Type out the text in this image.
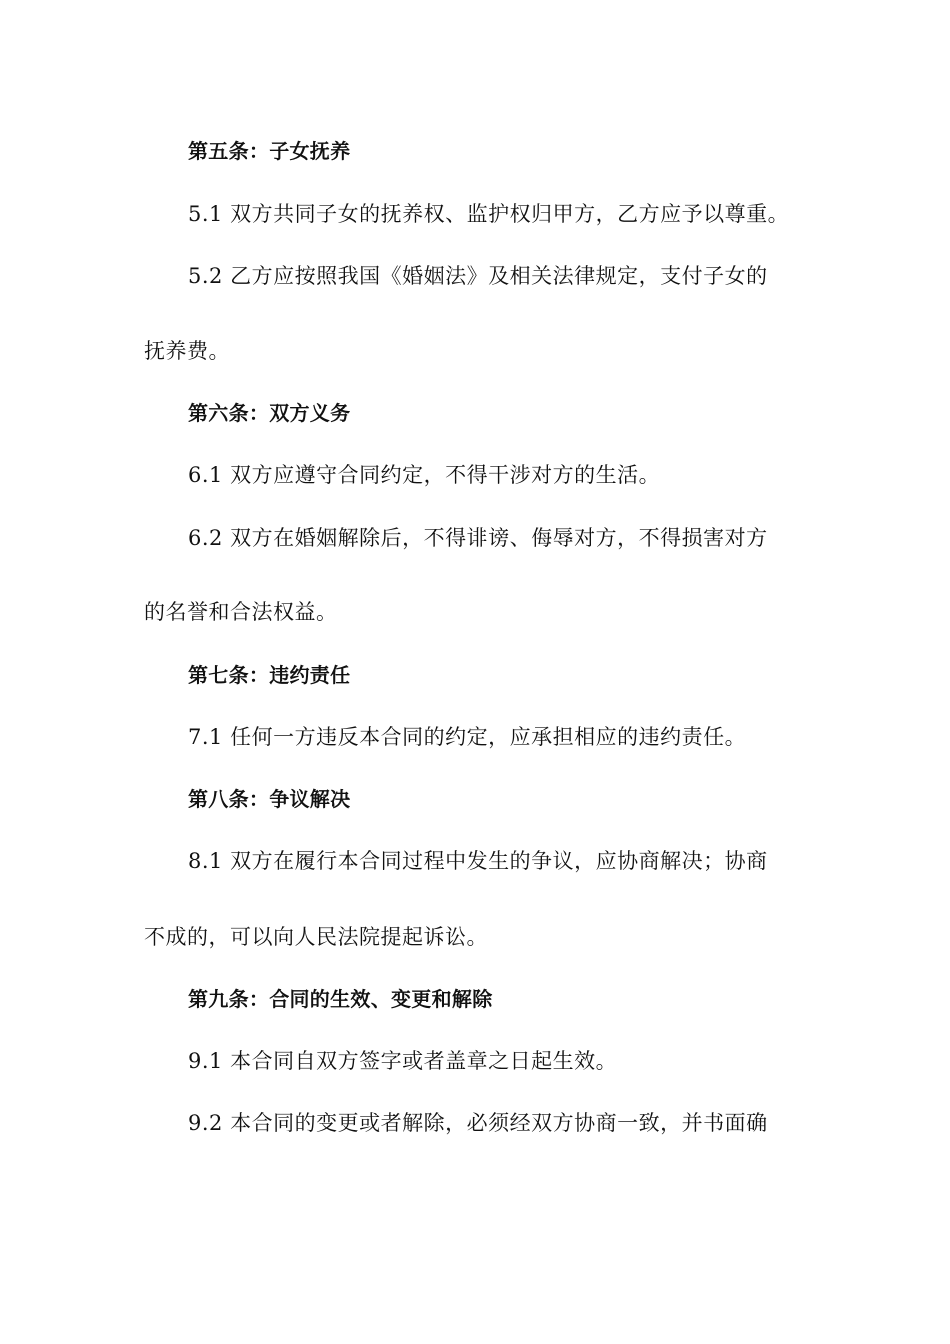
第五条：子女抚养
5.1 双方共同子女的抚养权、监护权归甲方，乙方应予以尊重。
5.2 乙方应按照我国《婚姻法》及相关法律规定，支付子女的
抚养费。
第六条：双方义务
6.1 双方应遵守合同约定，不得干涉对方的生活。
6.2 双方在婚姻解除后，不得诽谤、侮辱对方，不得损害对方
的名誉和合法权益。
第七条：违约责任
7.1 任何一方违反本合同的约定，应承担相应的违约责任。
第八条：争议解决
8.1 双方在履行本合同过程中发生的争议，应协商解决；协商
不成的，可以向人民法院提起诉讼。
第九条：合同的生效、变更和解除
9.1 本合同自双方签字或者盖章之日起生效。
9.2 本合同的变更或者解除，必须经双方协商一致，并书面确
